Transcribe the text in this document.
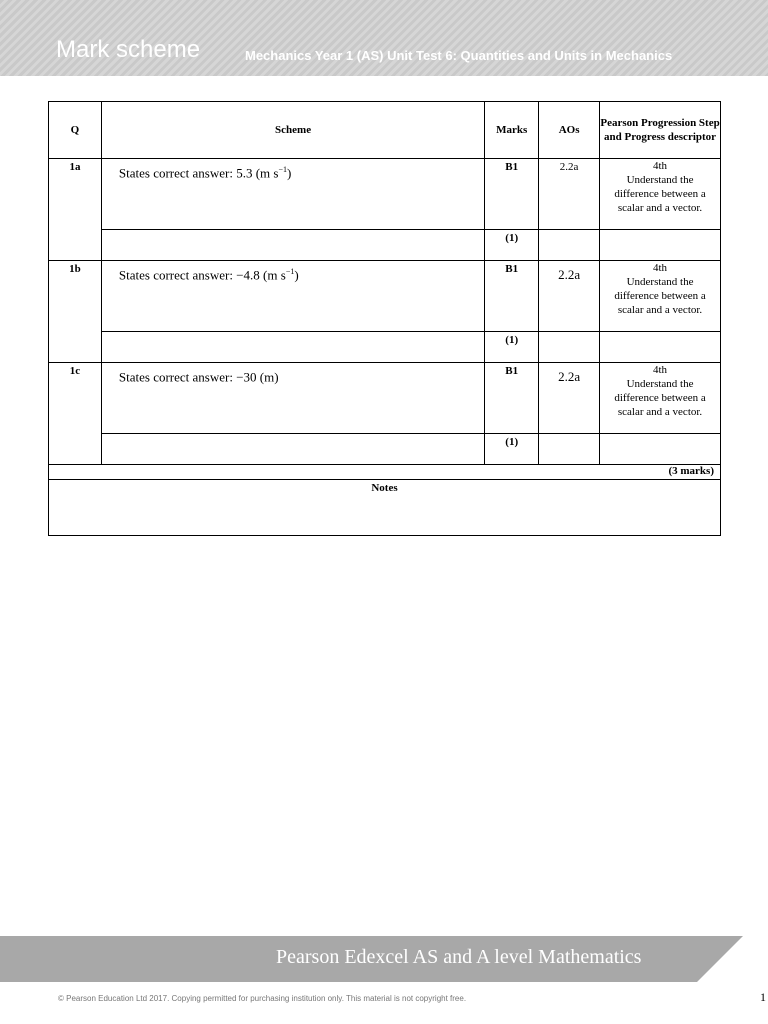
Mark scheme	Mechanics Year 1 (AS) Unit Test 6: Quantities and Units in Mechanics
Q	Scheme	Marks	AOs	Pearson Progression Step and Progress descriptor
1a	States correct answer: 5.3 (m $s^{-1}$)	B1	2.2a	4th
Understand the difference between a scalar and a vector.

		(1)		
1b	States correct answer: −4.8 (m $s^{-1}$)	B1	2.2a	4th
Understand the difference between a scalar and a vector.

		(1)		
1c	States correct answer: −30 (m)	B1	2.2a	4th
Understand the difference between a scalar and a vector.

		(1)		
(3 marks)				
Notes				
Pearson Edexcel AS and A level Mathematics
© Pearson Education Ltd 2017. Copying permitted for purchasing institution only. This material is not copyright free.	1
